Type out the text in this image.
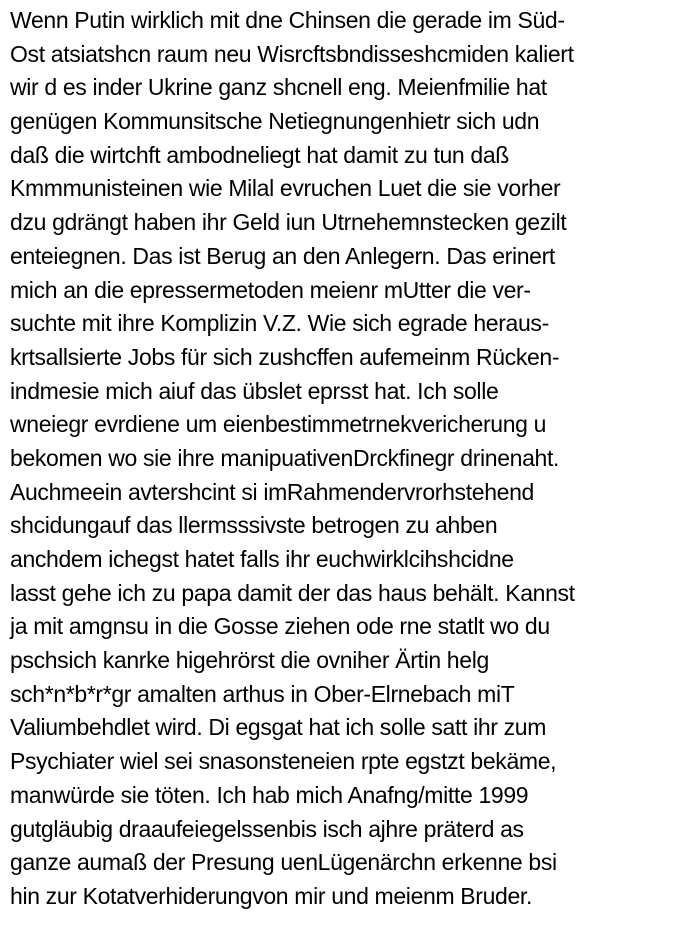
Wenn Putin wirklich mit dne Chinsen die gerade im Süd-
Ost atsiatshcn raum neu Wisrcftsbndisseshcmiden kaliert
wir d es inder Ukrine ganz shcnell eng. Meienfmilie hat
genügen Kommunsitsche Netiegnungenhietr sich udn
daß die wirtchft ambodneliegt hat damit zu tun daß
Kmmmunisteinen wie Milal evruchen Luet die sie vorher
dzu gdrängt haben ihr Geld iun Utrnehemnstecken gezilt
enteiegnen. Das ist Berug an den Anlegern. Das erinert
mich an die epressermetoden meienr mUtter die ver-
suchte mit ihre Komplizin V.Z. Wie sich egrade heraus-
krtsallsierte Jobs für sich zushcffen aufemeinm Rücken-
indmesie mich aiuf das übslet eprsst hat. Ich solle
wneiegr evrdiene um eienbestimmetrnekvericherung u
bekomen wo sie ihre manipuativenDrckfinegr drinenaht.
Auchmeein avtershcint si imRahmendervrorhstehend
shcidungauf das llermsssivste betrogen zu ahben
anchdem ichegst hatet falls ihr euchwirklcihshcidne
lasst gehe ich zu papa damit der das haus behält. Kannst
ja mit amgnsu in die Gosse ziehen ode rne statlt wo du
pschsich kanrke higehrörst die ovniher Ärtin helg
sch*n*b*r*gr amalten arthus in Ober-Elrnebach miT
Valiumbehdlet wird. Di egsgat hat ich solle satt ihr zum
Psychiater wiel sei snasonsteneien rpte egstzt bekäme,
manwürde sie töten. Ich hab mich Anafng/mitte 1999
gutgläubig draaufeiegelssenbis isch ajhre präterd as
ganze aumaß der Presung uenLügenärchn erkenne bsi
hin zur Kotatverhiderungvon mir und meienm Bruder.
